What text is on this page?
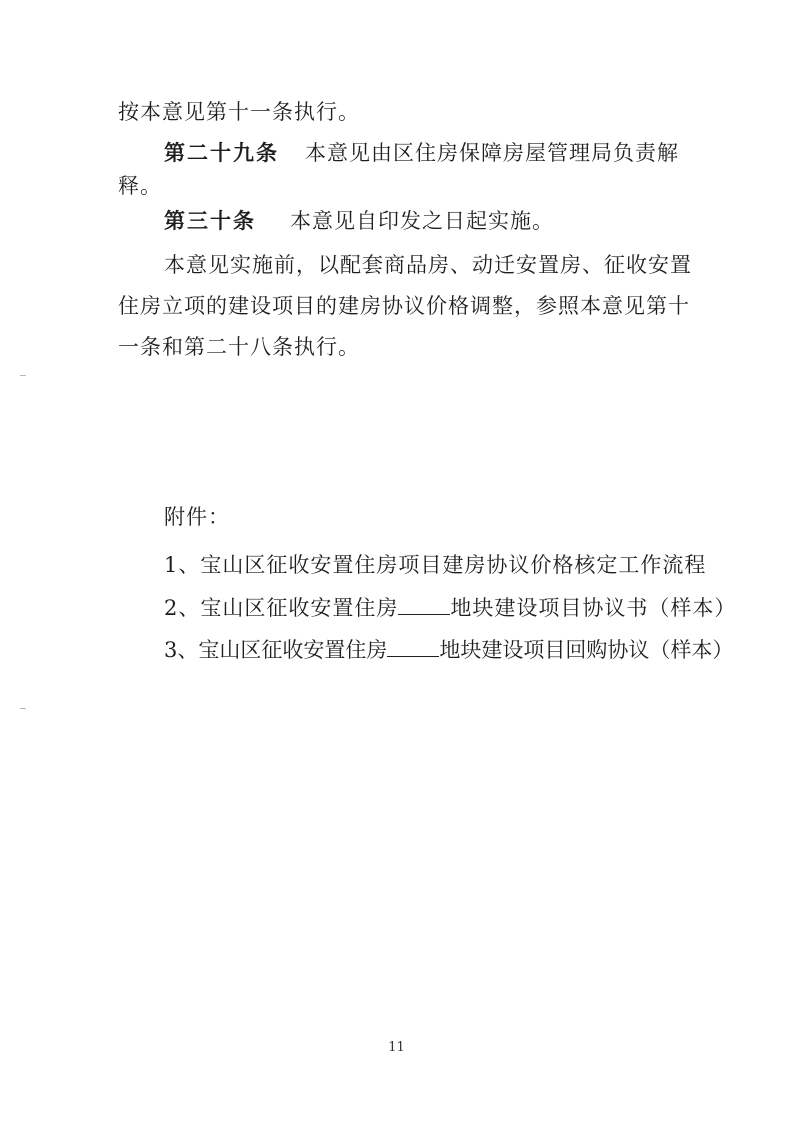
按本意见第十一条执行。
第二十九条 本意见由区住房保障房屋管理局负责解
释。
第三十条 本意见自印发之日起实施。
本意见实施前，以配套商品房、动迁安置房、征收安置
住房立项的建设项目的建房协议价格调整，参照本意见第十
一条和第二十八条执行。
附件：
1、宝山区征收安置住房项目建房协议价格核定工作流程
2、宝山区征收安置住房 地块建设项目协议书（样本）
3、宝山区征收安置住房 地块建设项目回购协议（样本）
11
